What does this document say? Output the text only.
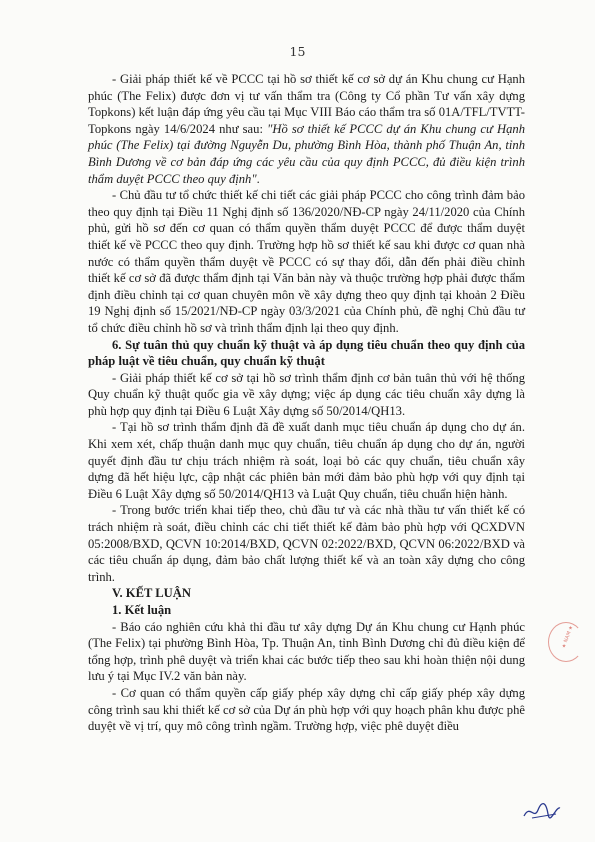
15

- Giải pháp thiết kế về PCCC tại hồ sơ thiết kế cơ sở dự án Khu chung cư Hạnh phúc (The Felix) được đơn vị tư vấn thẩm tra (Công ty Cổ phần Tư vấn xây dựng Topkons) kết luận đáp ứng yêu cầu tại Mục VIII Báo cáo thẩm tra số 01A/TFL/TVTT-Topkons ngày 14/6/2024 như sau: "Hồ sơ thiết kế PCCC dự án Khu chung cư Hạnh phúc (The Felix) tại đường Nguyễn Du, phường Bình Hòa, thành phố Thuận An, tỉnh Bình Dương về cơ bản đáp ứng các yêu cầu của quy định PCCC, đủ điều kiện trình thẩm duyệt PCCC theo quy định".

- Chủ đầu tư tổ chức thiết kế chi tiết các giải pháp PCCC cho công trình đảm bảo theo quy định tại Điều 11 Nghị định số 136/2020/NĐ-CP ngày 24/11/2020 của Chính phủ, gửi hồ sơ đến cơ quan có thẩm quyền thẩm duyệt PCCC để được thẩm duyệt thiết kế về PCCC theo quy định. Trường hợp hồ sơ thiết kế sau khi được cơ quan nhà nước có thẩm quyền thẩm duyệt về PCCC có sự thay đổi, dẫn đến phải điều chỉnh thiết kế cơ sở đã được thẩm định tại Văn bản này và thuộc trường hợp phải được thẩm định điều chỉnh tại cơ quan chuyên môn về xây dựng theo quy định tại khoản 2 Điều 19 Nghị định số 15/2021/NĐ-CP ngày 03/3/2021 của Chính phủ, đề nghị Chủ đầu tư tổ chức điều chỉnh hồ sơ và trình thẩm định lại theo quy định.

6. Sự tuân thủ quy chuẩn kỹ thuật và áp dụng tiêu chuẩn theo quy định của pháp luật về tiêu chuẩn, quy chuẩn kỹ thuật

- Giải pháp thiết kế cơ sở tại hồ sơ trình thẩm định cơ bản tuân thủ với hệ thống Quy chuẩn kỹ thuật quốc gia về xây dựng; việc áp dụng các tiêu chuẩn xây dựng là phù hợp quy định tại Điều 6 Luật Xây dựng số 50/2014/QH13.

- Tại hồ sơ trình thẩm định đã đề xuất danh mục tiêu chuẩn áp dụng cho dự án. Khi xem xét, chấp thuận danh mục quy chuẩn, tiêu chuẩn áp dụng cho dự án, người quyết định đầu tư chịu trách nhiệm rà soát, loại bỏ các quy chuẩn, tiêu chuẩn xây dựng đã hết hiệu lực, cập nhật các phiên bản mới đảm bảo phù hợp với quy định tại Điều 6 Luật Xây dựng số 50/2014/QH13 và Luật Quy chuẩn, tiêu chuẩn hiện hành.

- Trong bước triển khai tiếp theo, chủ đầu tư và các nhà thầu tư vấn thiết kế có trách nhiệm rà soát, điều chỉnh các chi tiết thiết kế đảm bảo phù hợp với QCXDVN 05:2008/BXD, QCVN 10:2014/BXD, QCVN 02:2022/BXD, QCVN 06:2022/BXD và các tiêu chuẩn áp dụng, đảm bảo chất lượng thiết kế và an toàn xây dựng cho công trình.

V. KẾT LUẬN

1. Kết luận

- Báo cáo nghiên cứu khả thi đầu tư xây dựng Dự án Khu chung cư Hạnh phúc (The Felix) tại phường Bình Hòa, Tp. Thuận An, tỉnh Bình Dương chỉ đủ điều kiện để tổng hợp, trình phê duyệt và triển khai các bước tiếp theo sau khi hoàn thiện nội dung lưu ý tại Mục IV.2 văn bản này.

- Cơ quan có thẩm quyền cấp giấy phép xây dựng chỉ cấp giấy phép xây dựng công trình sau khi thiết kế cơ sở của Dự án phù hợp với quy hoạch phân khu được phê duyệt về vị trí, quy mô công trình ngầm. Trường hợp, việc phê duyệt điều

★ NAM ★
